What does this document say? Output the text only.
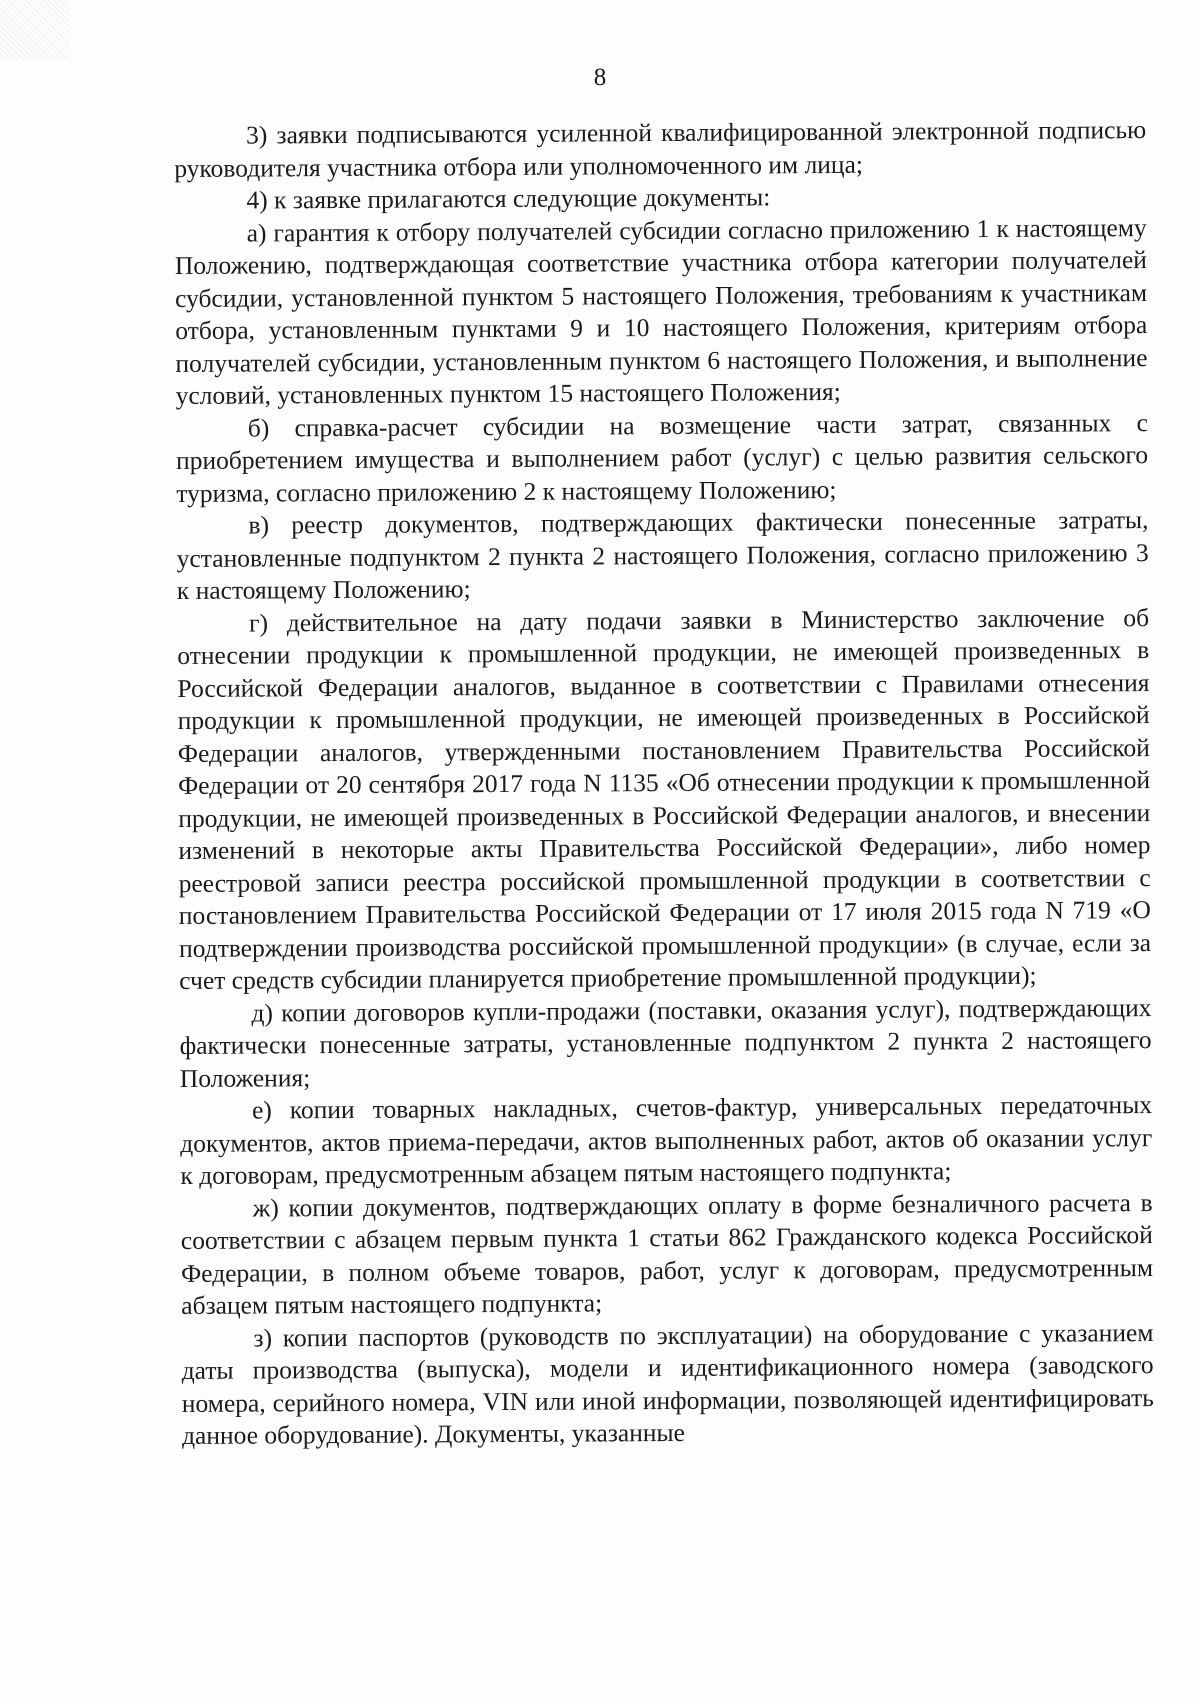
8

3) заявки подписываются усиленной квалифицированной электронной подписью руководителя участника отбора или уполномоченного им лица;

4) к заявке прилагаются следующие документы:

а) гарантия к отбору получателей субсидии согласно приложению 1 к настоящему Положению, подтверждающая соответствие участника отбора категории получателей субсидии, установленной пунктом 5 настоящего Положения, требованиям к участникам отбора, установленным пунктами 9 и 10 настоящего Положения, критериям отбора получателей субсидии, установленным пунктом 6 настоящего Положения, и выполнение условий, установленных пунктом 15 настоящего Положения;

б) справка-расчет субсидии на возмещение части затрат, связанных с приобретением имущества и выполнением работ (услуг) с целью развития сельского туризма, согласно приложению 2 к настоящему Положению;

в) реестр документов, подтверждающих фактически понесенные затраты, установленные подпунктом 2 пункта 2 настоящего Положения, согласно приложению 3 к настоящему Положению;

г) действительное на дату подачи заявки в Министерство заключение об отнесении продукции к промышленной продукции, не имеющей произведенных в Российской Федерации аналогов, выданное в соответствии с Правилами отнесения продукции к промышленной продукции, не имеющей произведенных в Российской Федерации аналогов, утвержденными постановлением Правительства Российской Федерации от 20 сентября 2017 года N 1135 «Об отнесении продукции к промышленной продукции, не имеющей произведенных в Российской Федерации аналогов, и внесении изменений в некоторые акты Правительства Российской Федерации», либо номер реестровой записи реестра российской промышленной продукции в соответствии с постановлением Правительства Российской Федерации от 17 июля 2015 года N 719 «О подтверждении производства российской промышленной продукции» (в случае, если за счет средств субсидии планируется приобретение промышленной продукции);

д) копии договоров купли-продажи (поставки, оказания услуг), подтверждающих фактически понесенные затраты, установленные подпунктом 2 пункта 2 настоящего Положения;

е) копии товарных накладных, счетов-фактур, универсальных передаточных документов, актов приема-передачи, актов выполненных работ, актов об оказании услуг к договорам, предусмотренным абзацем пятым настоящего подпункта;

ж) копии документов, подтверждающих оплату в форме безналичного расчета в соответствии с абзацем первым пункта 1 статьи 862 Гражданского кодекса Российской Федерации, в полном объеме товаров, работ, услуг к договорам, предусмотренным абзацем пятым настоящего подпункта;

з) копии паспортов (руководств по эксплуатации) на оборудование с указанием даты производства (выпуска), модели и идентификационного номера (заводского номера, серийного номера, VIN или иной информации, позволяющей идентифицировать данное оборудование). Документы, указанные
